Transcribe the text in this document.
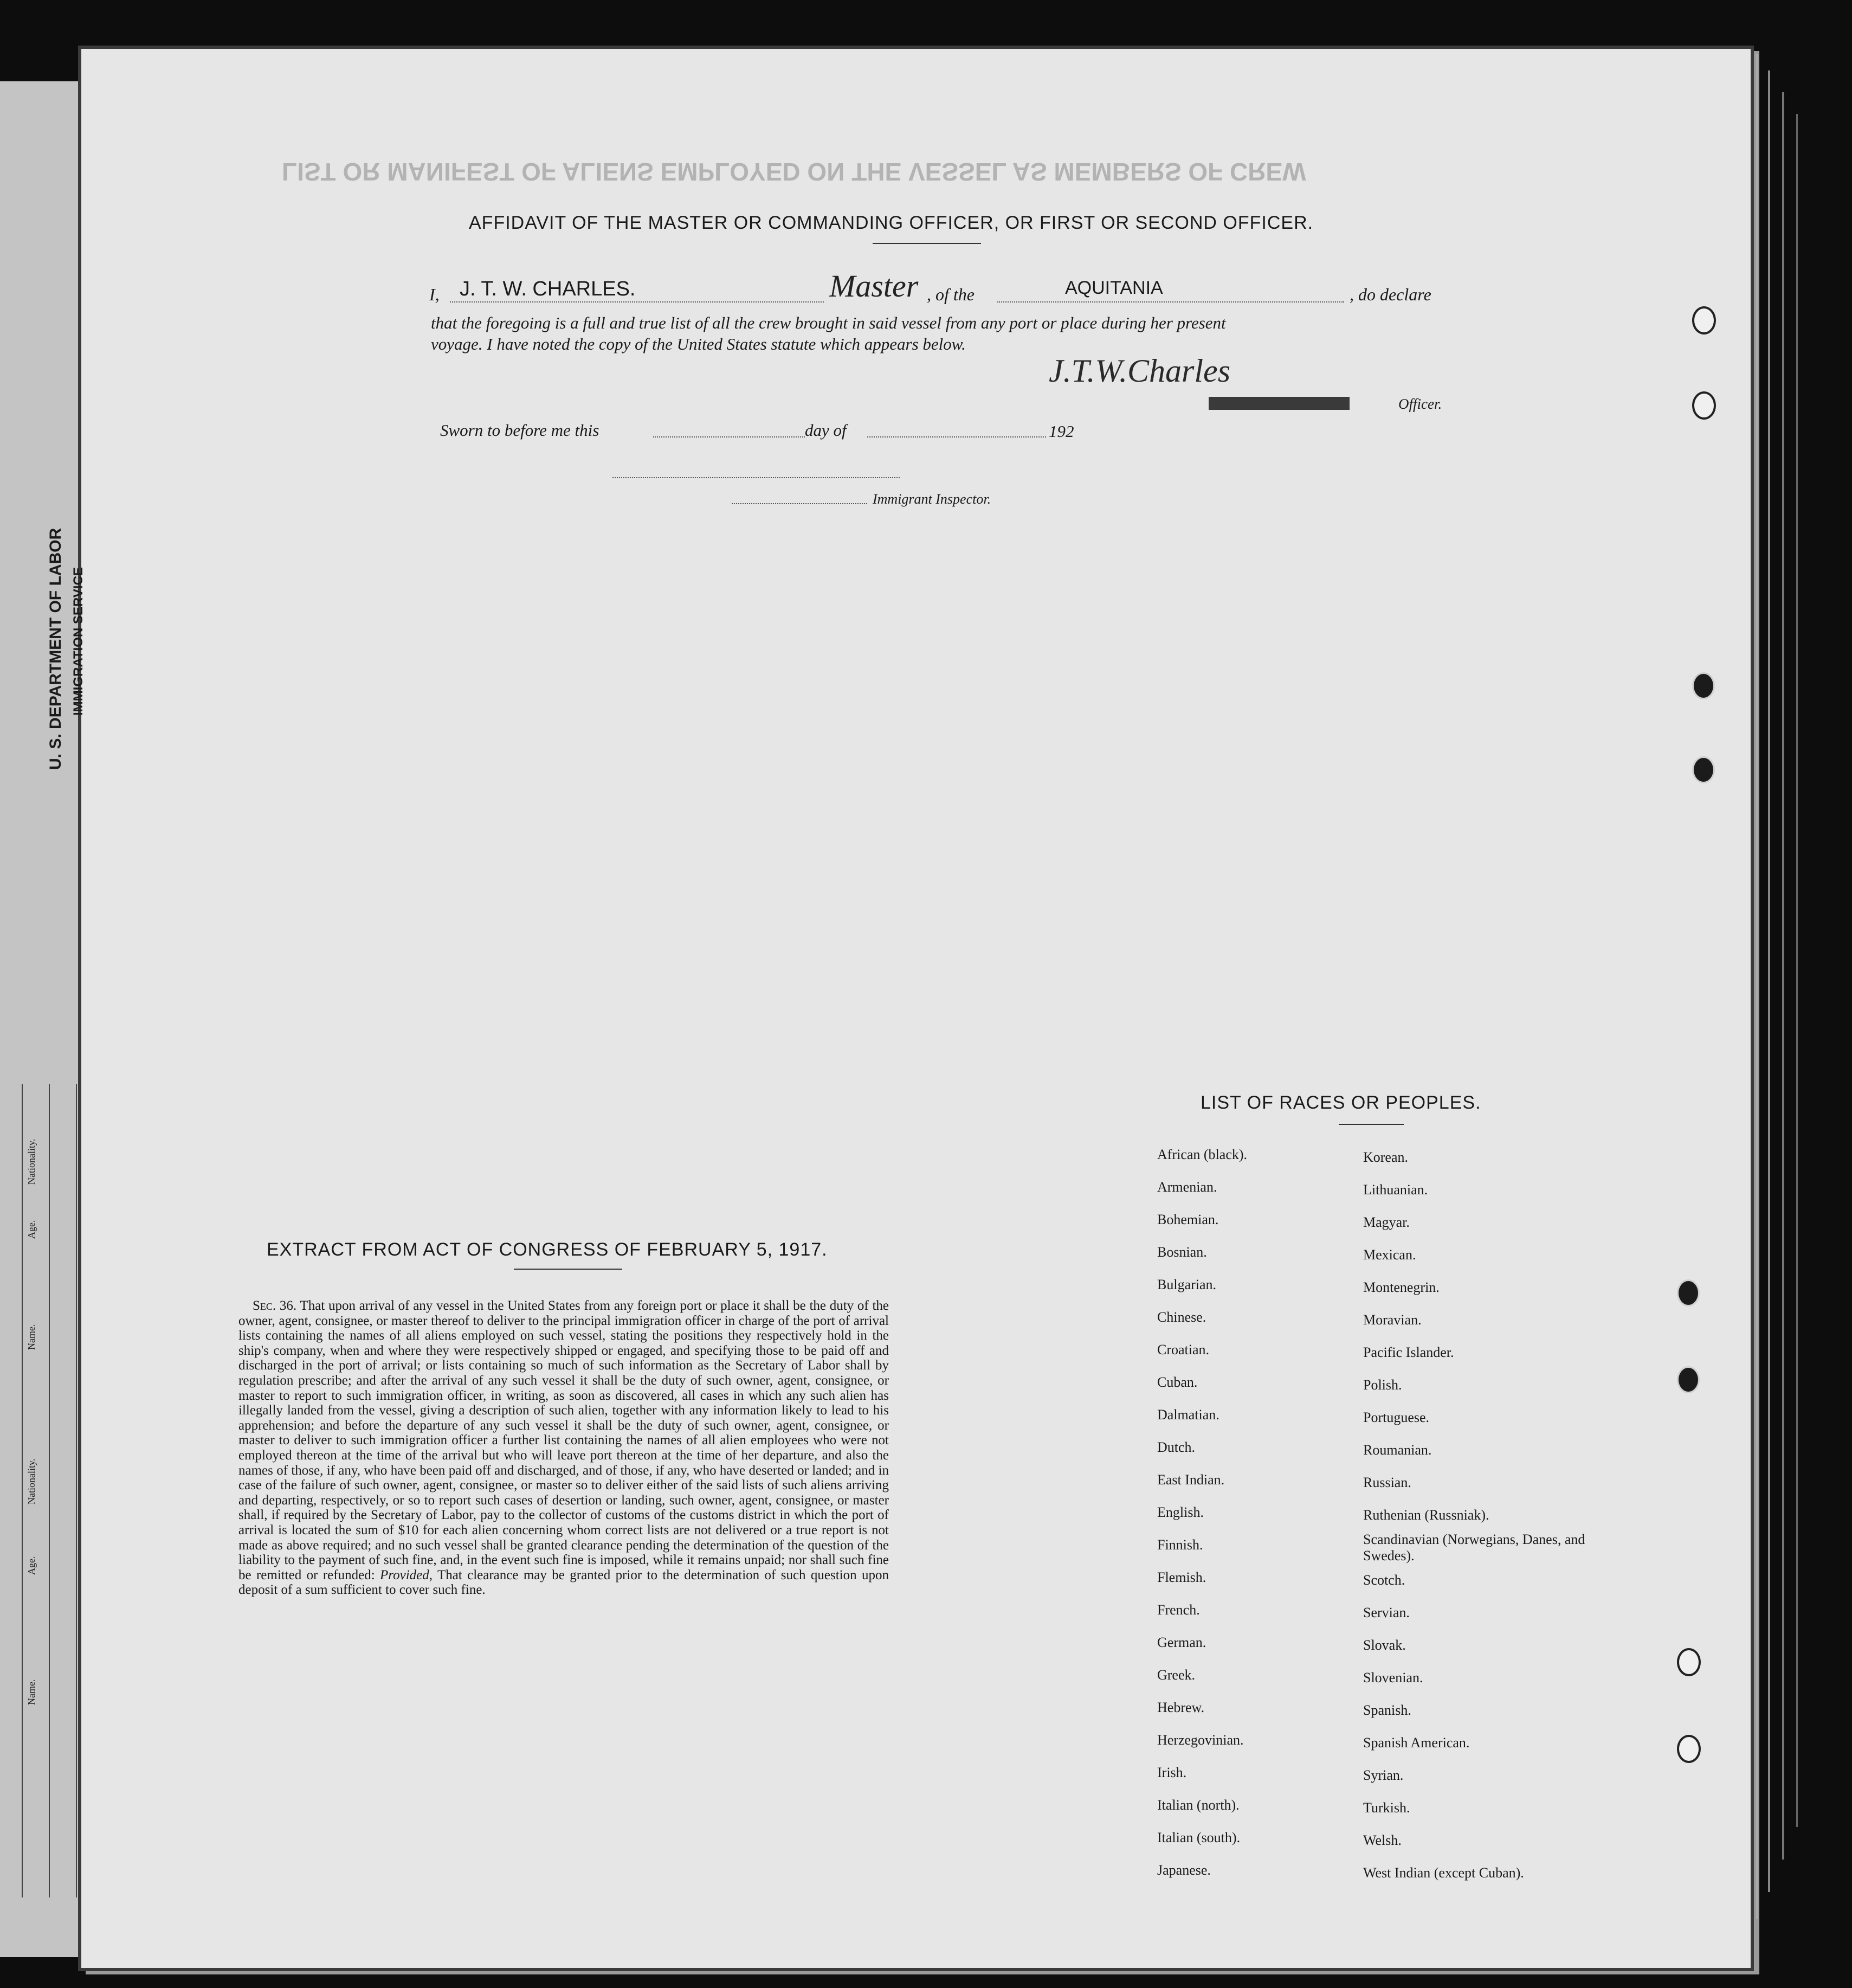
LIST OR MANIFEST OF ALIENS EMPLOYED ON THE VESSEL AS MEMBERS OF CREW
U. S. DEPARTMENT OF LABOR IMMIGRATION SERVICE
Nationality.
Age.
Name.
Nationality.
Age.
Name.
AFFIDAVIT OF THE MASTER OR COMMANDING OFFICER, OR FIRST OR SECOND OFFICER.
I, J. T. W. CHARLES.	Master , of the	AQUITANIA	, do declare
that the foregoing is a full and true list of all the crew brought in said vessel from any port or place during her present
voyage. I have noted the copy of the United States statute which appears below.
J.T.W.Charles
Officer.
Sworn to before me this	day of	192
Immigrant Inspector.
EXTRACT FROM ACT OF CONGRESS OF FEBRUARY 5, 1917.
Sec. 36. That upon arrival of any vessel in the United States from any foreign port or place it shall be the duty of the owner, agent, consignee, or master thereof to deliver to the principal immigration officer in charge of the port of arrival lists containing the names of all aliens employed on such vessel, stating the positions they respectively hold in the ship's company, when and where they were respectively shipped or engaged, and specifying those to be paid off and discharged in the port of arrival; or lists containing so much of such information as the Secretary of Labor shall by regulation prescribe; and after the arrival of any such vessel it shall be the duty of such owner, agent, consignee, or master to report to such immigration officer, in writing, as soon as discovered, all cases in which any such alien has illegally landed from the vessel, giving a description of such alien, together with any information likely to lead to his apprehension; and before the departure of any such vessel it shall be the duty of such owner, agent, consignee, or master to deliver to such immigration officer a further list containing the names of all alien employees who were not employed thereon at the time of the arrival but who will leave port thereon at the time of her departure, and also the names of those, if any, who have been paid off and discharged, and of those, if any, who have deserted or landed; and in case of the failure of such owner, agent, consignee, or master so to deliver either of the said lists of such aliens arriving and departing, respectively, or so to report such cases of desertion or landing, such owner, agent, consignee, or master shall, if required by the Secretary of Labor, pay to the collector of customs of the customs district in which the port of arrival is located the sum of $10 for each alien concerning whom correct lists are not delivered or a true report is not made as above required; and no such vessel shall be granted clearance pending the determination of the question of the liability to the payment of such fine, and, in the event such fine is imposed, while it remains unpaid; nor shall such fine be remitted or refunded: Provided, That clearance may be granted prior to the determination of such question upon deposit of a sum sufficient to cover such fine.
LIST OF RACES OR PEOPLES.
African (black).
Armenian.
Bohemian.
Bosnian.
Bulgarian.
Chinese.
Croatian.
Cuban.
Dalmatian.
Dutch.
East Indian.
English.
Finnish.
Flemish.
French.
German.
Greek.
Hebrew.
Herzegovinian.
Irish.
Italian (north).
Italian (south).
Japanese.
Korean.
Lithuanian.
Magyar.
Mexican.
Montenegrin.
Moravian.
Pacific Islander.
Polish.
Portuguese.
Roumanian.
Russian.
Ruthenian (Russniak).
Scandinavian (Norwegians, Danes, and Swedes).
Scotch.
Servian.
Slovak.
Slovenian.
Spanish.
Spanish American.
Syrian.
Turkish.
Welsh.
West Indian (except Cuban).
